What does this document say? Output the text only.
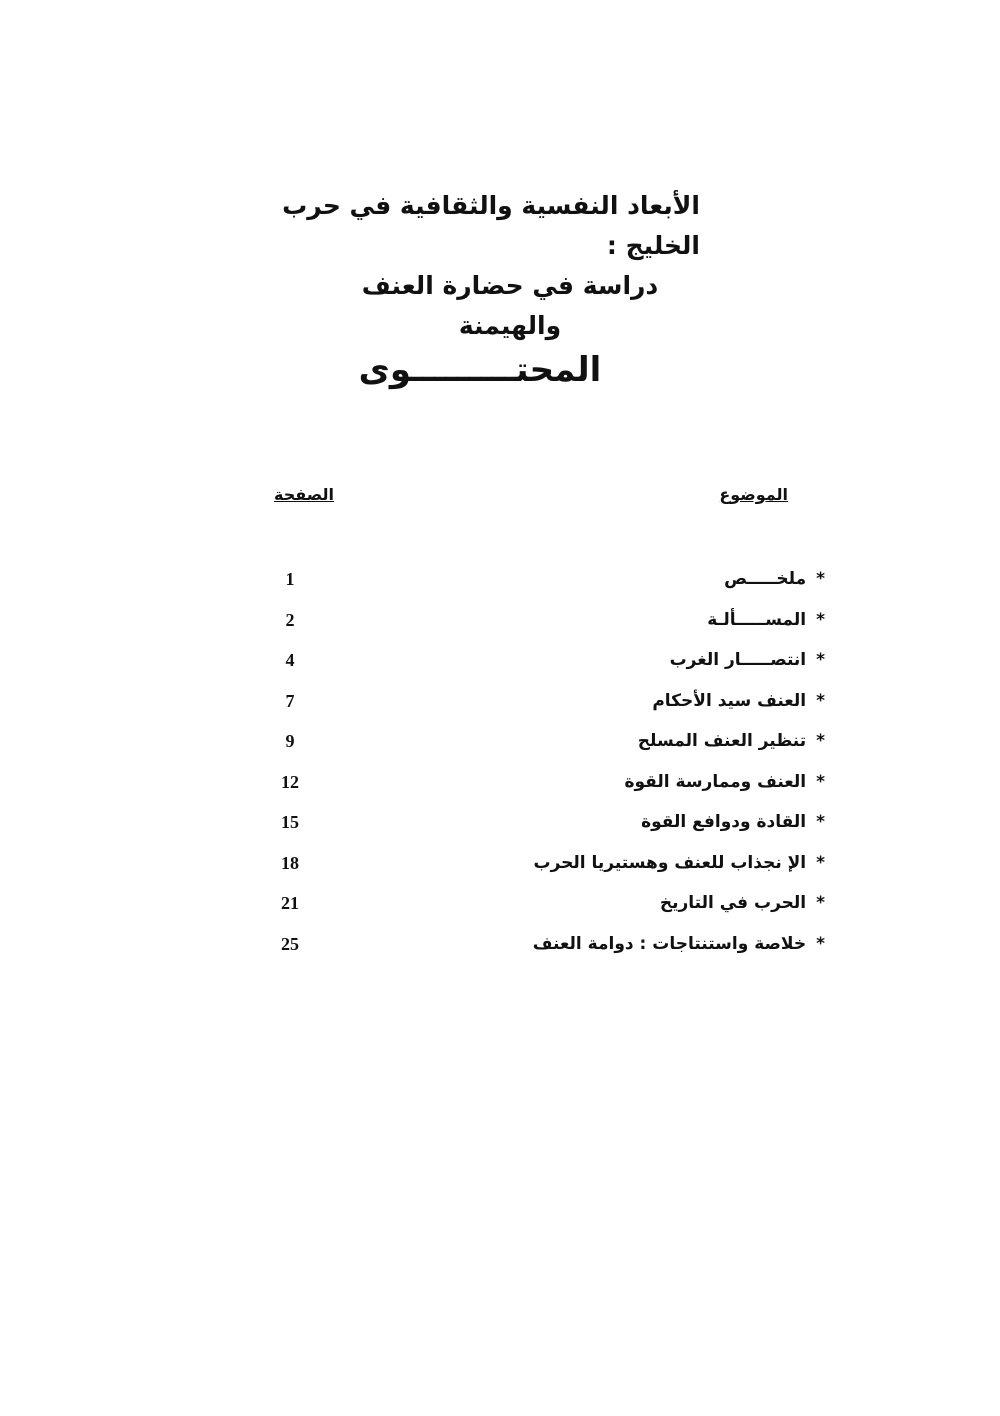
الأبعاد النفسية والثقافية في حرب الخليج :
دراسة في حضارة العنف والهيمنة
المحتـــــــــوى
الموضوع
الصفحة
*ملخـــــص
1
*المســـــألـة
2
*انتصـــــار الغرب
4
*العنف سيد الأحكام
7
*تنظير العنف المسلح
9
*العنف وممارسة القوة
12
*القادة ودوافع القوة
15
*الإ نجذاب للعنف وهستيريا الحرب
18
*الحرب في التاريخ
21
*خلاصة واستنتاجات : دوامة العنف
25
